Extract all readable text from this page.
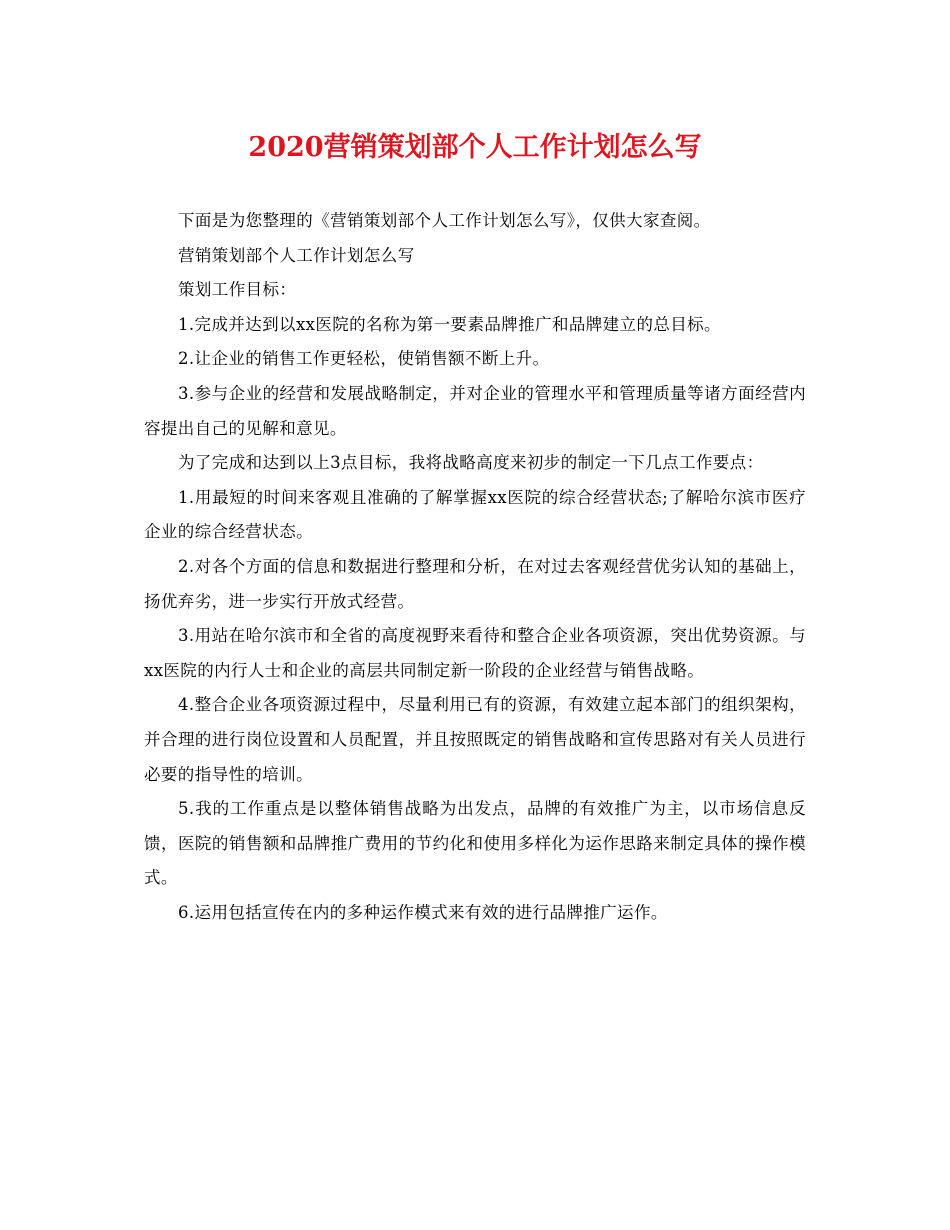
2020营销策划部个人工作计划怎么写

下面是为您整理的《营销策划部个人工作计划怎么写》，仅供大家查阅。

营销策划部个人工作计划怎么写

策划工作目标：

1.完成并达到以xx医院的名称为第一要素品牌推广和品牌建立的总目标。

2.让企业的销售工作更轻松，使销售额不断上升。

3.参与企业的经营和发展战略制定，并对企业的管理水平和管理质量等诸方面经营内容提出自己的见解和意见。

为了完成和达到以上3点目标，我将战略高度来初步的制定一下几点工作要点：

1.用最短的时间来客观且准确的了解掌握xx医院的综合经营状态;了解哈尔滨市医疗企业的综合经营状态。

2.对各个方面的信息和数据进行整理和分析，在对过去客观经营优劣认知的基础上，扬优弃劣，进一步实行开放式经营。

3.用站在哈尔滨市和全省的高度视野来看待和整合企业各项资源，突出优势资源。与xx医院的内行人士和企业的高层共同制定新一阶段的企业经营与销售战略。

4.整合企业各项资源过程中，尽量利用已有的资源，有效建立起本部门的组织架构，并合理的进行岗位设置和人员配置，并且按照既定的销售战略和宣传思路对有关人员进行必要的指导性的培训。

5.我的工作重点是以整体销售战略为出发点，品牌的有效推广为主，以市场信息反馈，医院的销售额和品牌推广费用的节约化和使用多样化为运作思路来制定具体的操作模式。

6.运用包括宣传在内的多种运作模式来有效的进行品牌推广运作。
